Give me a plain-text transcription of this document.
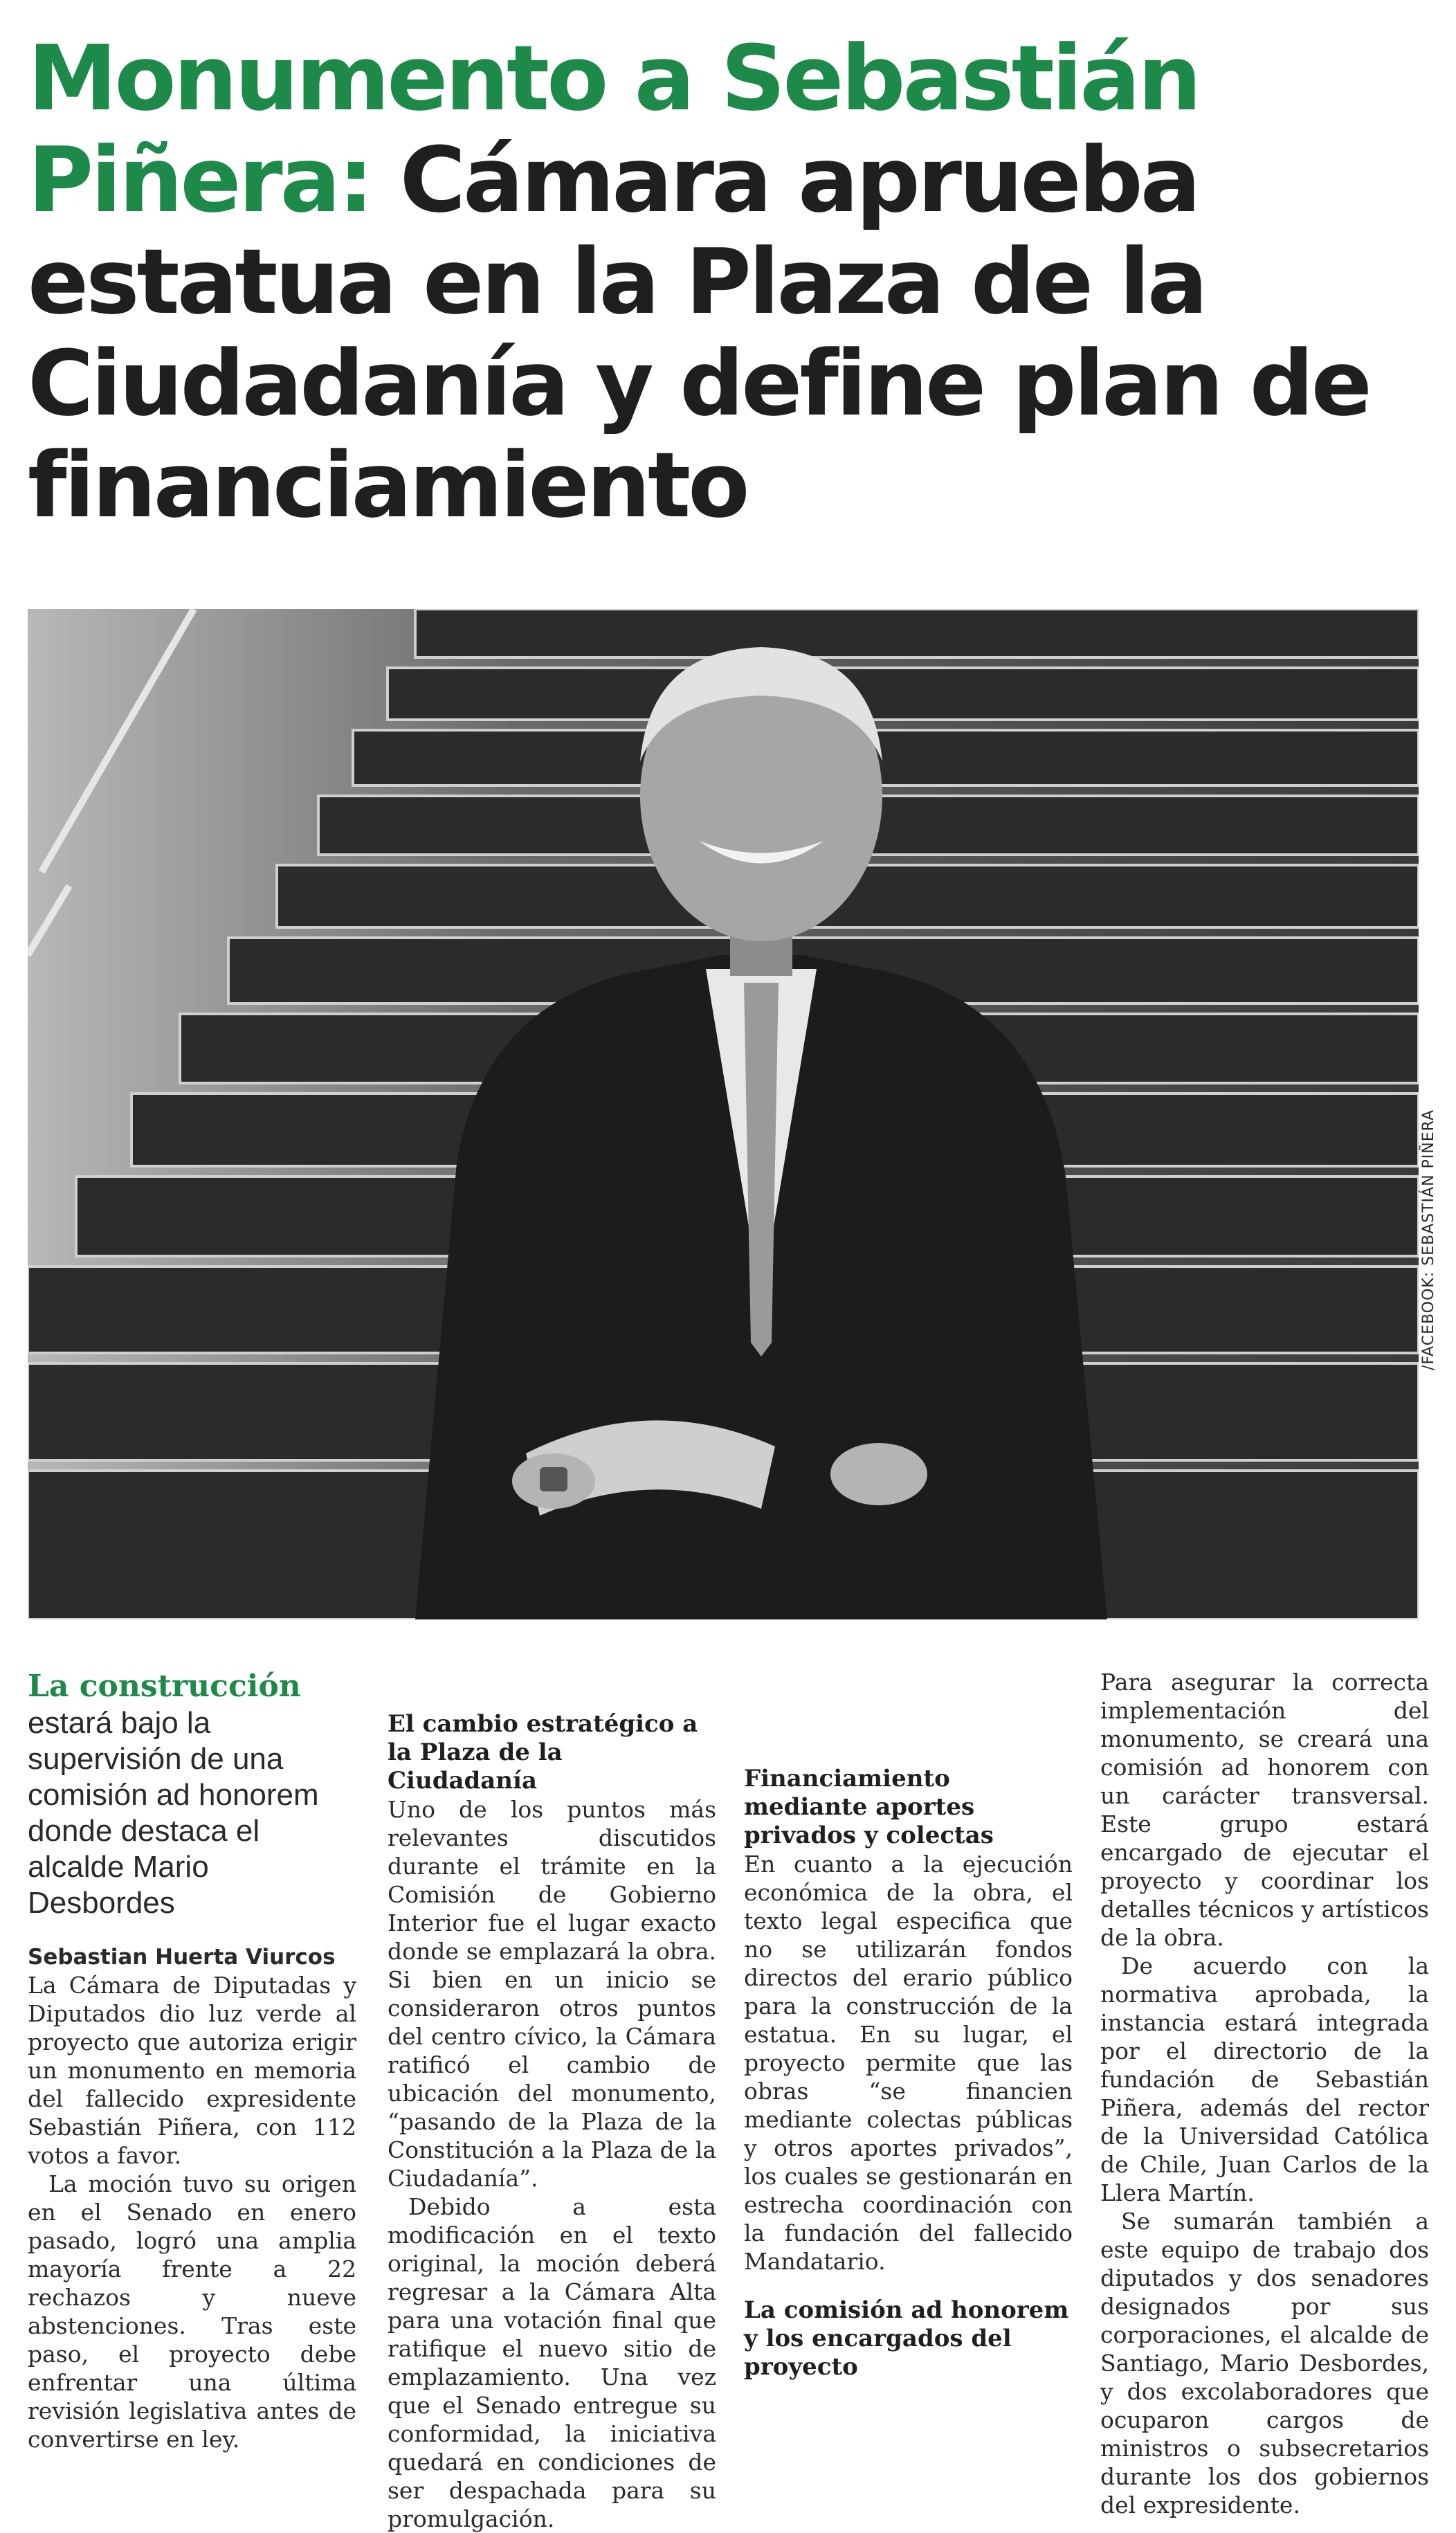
Monumento a Sebastián Piñera: Cámara aprueba estatua en la Plaza de la Ciudadanía y define plan de financiamiento
/FACEBOOK: SEBASTIÁN PIÑERA
La construcción
estará bajo la supervisión de una comisión ad honorem donde destaca el alcalde Mario Desbordes
Sebastian Huerta Viurcos

La Cámara de Diputadas y Diputados dio luz verde al proyecto que autoriza erigir un monumento en memoria del fallecido expresidente Sebastián Piñera, con 112 votos a favor.

La moción tuvo su origen en el Senado en enero pasado, logró una amplia mayoría frente a 22 rechazos y nueve abstenciones. Tras este paso, el proyecto debe enfrentar una última revisión legislativa antes de convertirse en ley.

El cambio estratégico a la Plaza de la Ciudadanía

Uno de los puntos más relevantes discutidos durante el trámite en la Comisión de Gobierno Interior fue el lugar exacto donde se emplazará la obra. Si bien en un inicio se consideraron otros puntos del centro cívico, la Cámara ratificó el cambio de ubicación del monumento, “pasando de la Plaza de la Constitución a la Plaza de la Ciudadanía”.

Debido a esta modificación en el texto original, la moción deberá regresar a la Cámara Alta para una votación final que ratifique el nuevo sitio de emplazamiento. Una vez que el Senado entregue su conformidad, la iniciativa quedará en condiciones de ser despachada para su promulgación.

Financiamiento mediante aportes privados y colectas

En cuanto a la ejecución económica de la obra, el texto legal especifica que no se utilizarán fondos directos del erario público para la construcción de la estatua. En su lugar, el proyecto permite que las obras “se financien mediante colectas públicas y otros aportes privados”, los cuales se gestionarán en estrecha coordinación con la fundación del fallecido Mandatario.

La comisión ad honorem y los encargados del proyecto

Para asegurar la correcta implementación del monumento, se creará una comisión ad honorem con un carácter transversal. Este grupo estará encargado de ejecutar el proyecto y coordinar los detalles técnicos y artísticos de la obra.

De acuerdo con la normativa aprobada, la instancia estará integrada por el directorio de la fundación de Sebastián Piñera, además del rector de la Universidad Católica de Chile, Juan Carlos de la Llera Martín.

Se sumarán también a este equipo de trabajo dos diputados y dos senadores designados por sus corporaciones, el alcalde de Santiago, Mario Desbordes, y dos excolaboradores que ocuparon cargos de ministros o subsecretarios durante los dos gobiernos del expresidente.
